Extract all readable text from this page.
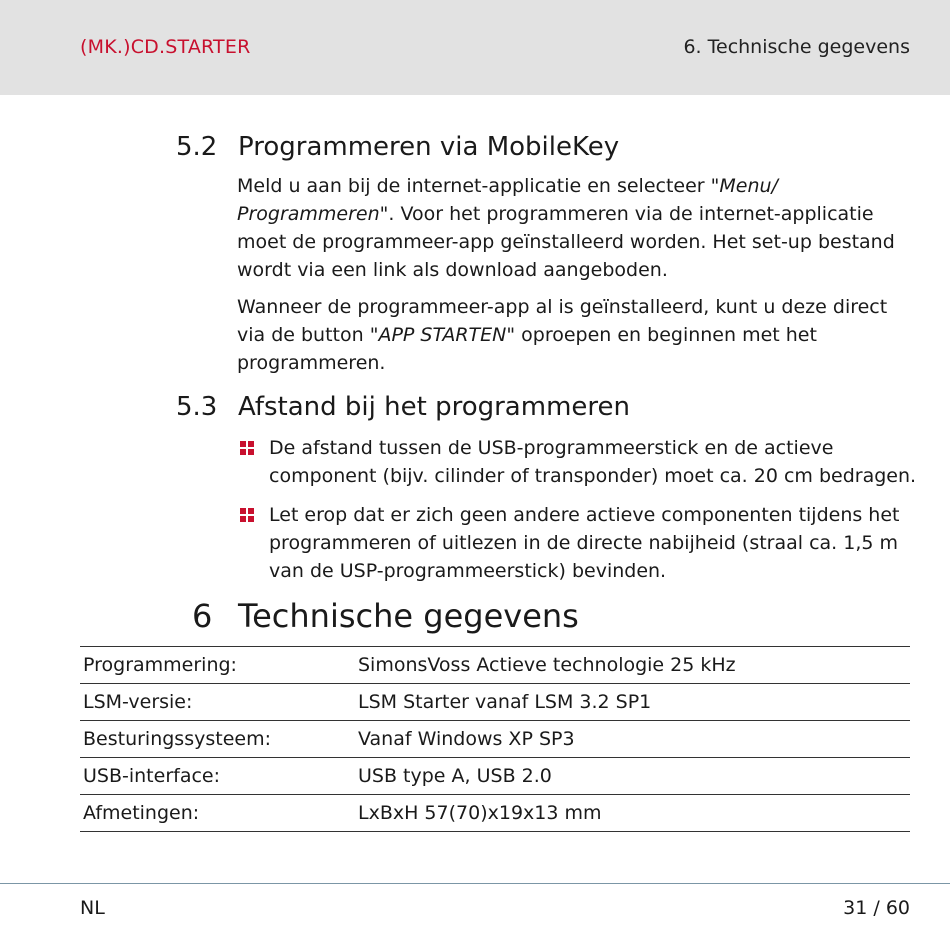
(MK.)CD.STARTER	6. Technische gegevens
5.2 Programmeren via MobileKey

Meld u aan bij de internet-applicatie en selecteer "Menu/ Programmeren". Voor het programmeren via de internet-applicatie moet de programmeer-app geïnstalleerd worden. Het set-up bestand wordt via een link als download aangeboden.

Wanneer de programmeer-app al is geïnstalleerd, kunt u deze direct via de button "APP STARTEN" oproepen en beginnen met het programmeren.

5.3 Afstand bij het programmeren
De afstand tussen de USB-programmeerstick en de actieve component (bijv. cilinder of transponder) moet ca. 20 cm bedragen.
Let erop dat er zich geen andere actieve componenten tijdens het programmeren of uitlezen in de directe nabijheid (straal ca. 1,5 m van de USP-programmeerstick) bevinden.
6 Technische gegevens
Programmering:	SimonsVoss Actieve technologie 25 kHz
LSM-versie:	LSM Starter vanaf LSM 3.2 SP1
Besturingssysteem:	Vanaf Windows XP SP3
USB-interface:	USB type A, USB 2.0
Afmetingen:	LxBxH 57(70)x19x13 mm
NL	31 / 60
